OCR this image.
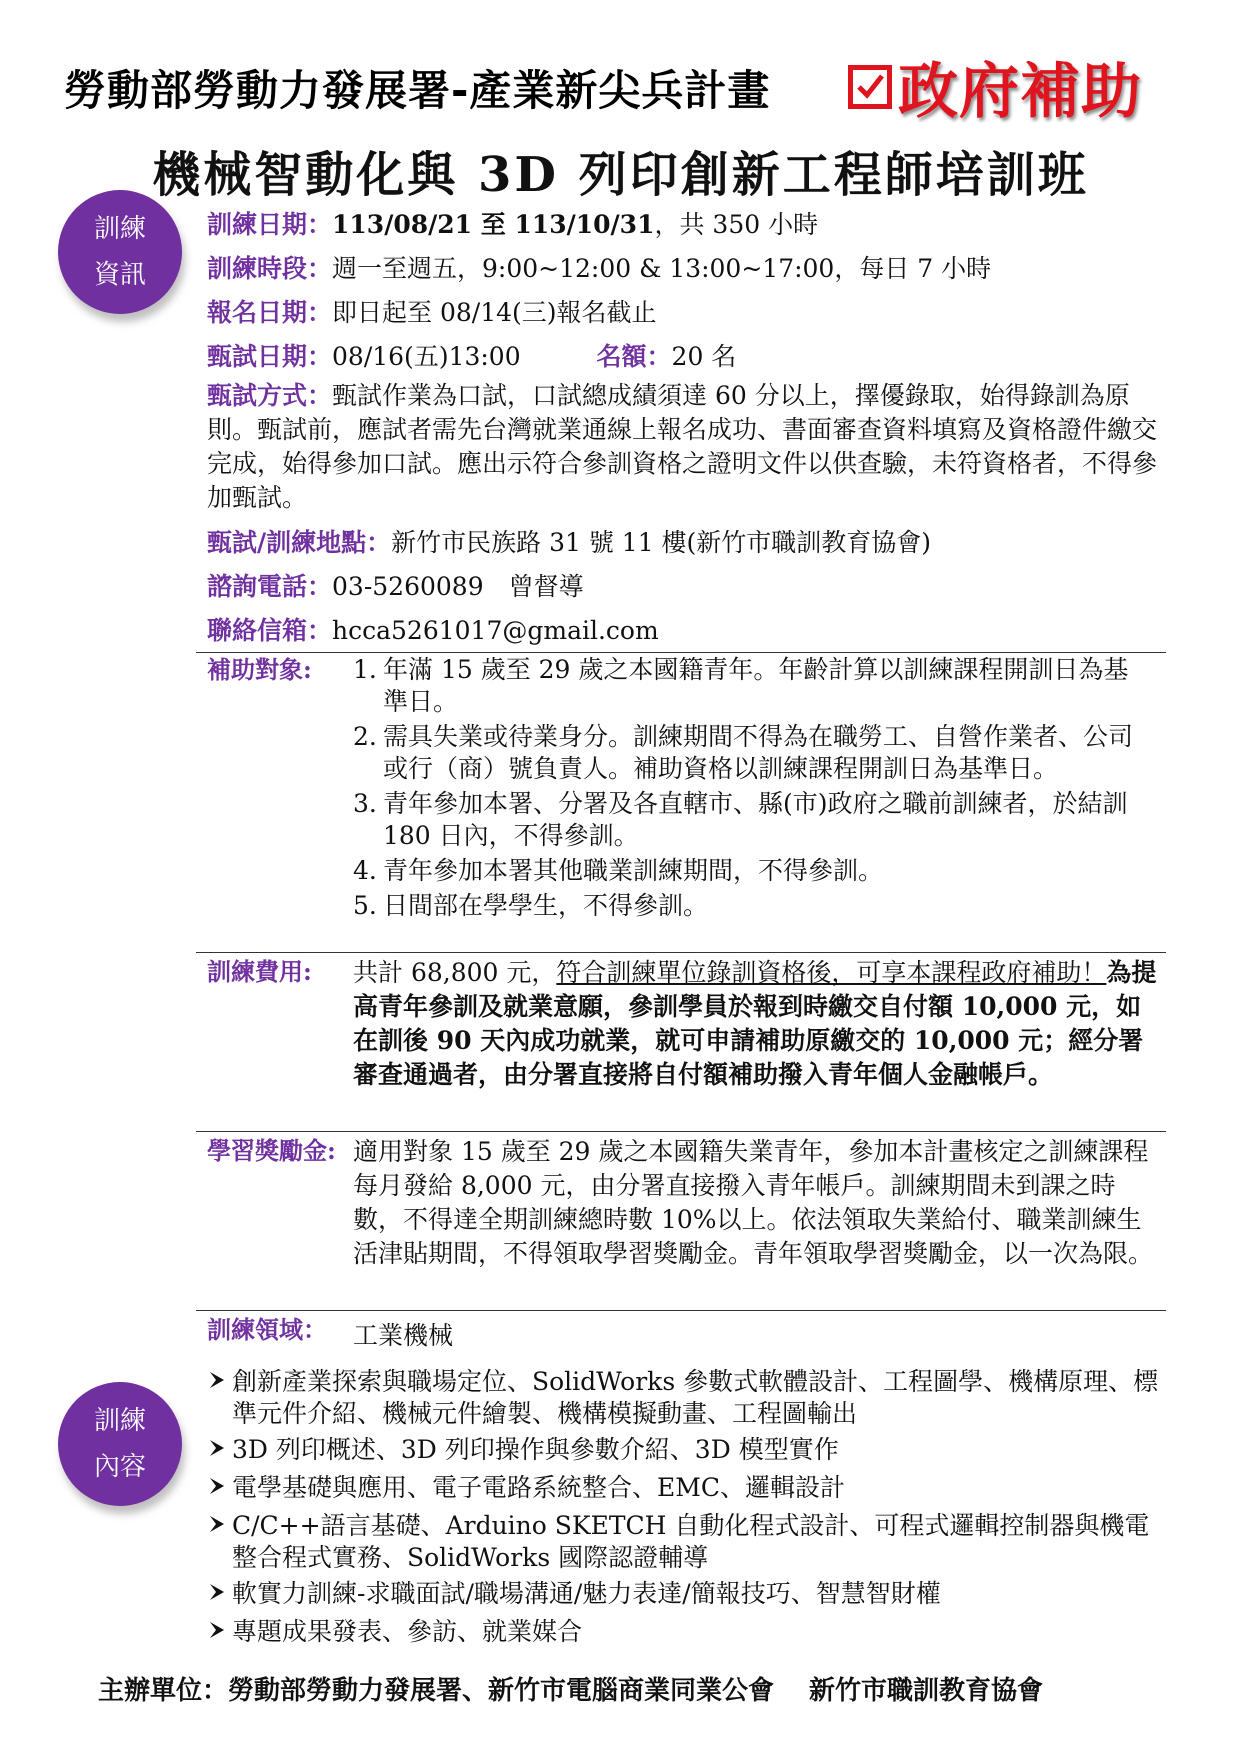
勞動部勞動力發展署-產業新尖兵計畫 政府補助
機械智動化與 3D 列印創新工程師培訓班
訓練
資訊
訓練日期：113/08/21 至 113/10/31，共 350 小時
訓練時段：週一至週五，9:00~12:00 & 13:00~17:00，每日 7 小時
報名日期：即日起至 08/14(三)報名截止
甄試日期：08/16(五)13:00	名額：20 名
甄試方式：甄試作業為口試，口試總成績須達 60 分以上，擇優錄取，始得錄訓為原則。甄試前，應試者需先台灣就業通線上報名成功、書面審查資料填寫及資格證件繳交完成，始得參加口試。應出示符合參訓資格之證明文件以供查驗，未符資格者，不得參加甄試。
甄試/訓練地點：新竹市民族路 31 號 11 樓(新竹市職訓教育協會)
諮詢電話：03-5260089　曾督導
聯絡信箱：hcca5261017@gmail.com
補助對象: 1. 年滿 15 歲至 29 歲之本國籍青年。年齡計算以訓練課程開訓日為基準日。
2. 需具失業或待業身分。訓練期間不得為在職勞工、自營作業者、公司或行（商）號負責人。補助資格以訓練課程開訓日為基準日。
3. 青年參加本署、分署及各直轄市、縣(市)政府之職前訓練者，於結訓 180 日內，不得參訓。
4. 青年參加本署其他職業訓練期間，不得參訓。
5. 日間部在學學生，不得參訓。
訓練費用: 共計 68,800 元，符合訓練單位錄訓資格後，可享本課程政府補助！為提高青年參訓及就業意願，參訓學員於報到時繳交自付額 10,000 元，如在訓後 90 天內成功就業，就可申請補助原繳交的 10,000 元；經分署審查通過者，由分署直接將自付額補助撥入青年個人金融帳戶。
學習獎勵金: 適用對象 15 歲至 29 歲之本國籍失業青年，參加本計畫核定之訓練課程每月發給 8,000 元，由分署直接撥入青年帳戶。訓練期間未到課之時數，不得達全期訓練總時數 10%以上。依法領取失業給付、職業訓練生活津貼期間，不得領取學習獎勵金。青年領取學習獎勵金，以一次為限。
訓練領域： 工業機械
訓練
內容
創新產業探索與職場定位、SolidWorks 參數式軟體設計、工程圖學、機構原理、標準元件介紹、機械元件繪製、機構模擬動畫、工程圖輸出
3D 列印概述、3D 列印操作與參數介紹、3D 模型實作
電學基礎與應用、電子電路系統整合、EMC、邏輯設計
C/C++語言基礎、Arduino SKETCH 自動化程式設計、可程式邏輯控制器與機電整合程式實務、SolidWorks 國際認證輔導
軟實力訓練-求職面試/職場溝通/魅力表達/簡報技巧、智慧智財權
專題成果發表、參訪、就業媒合
主辦單位：勞動部勞動力發展署、新竹市電腦商業同業公會　 新竹市職訓教育協會
